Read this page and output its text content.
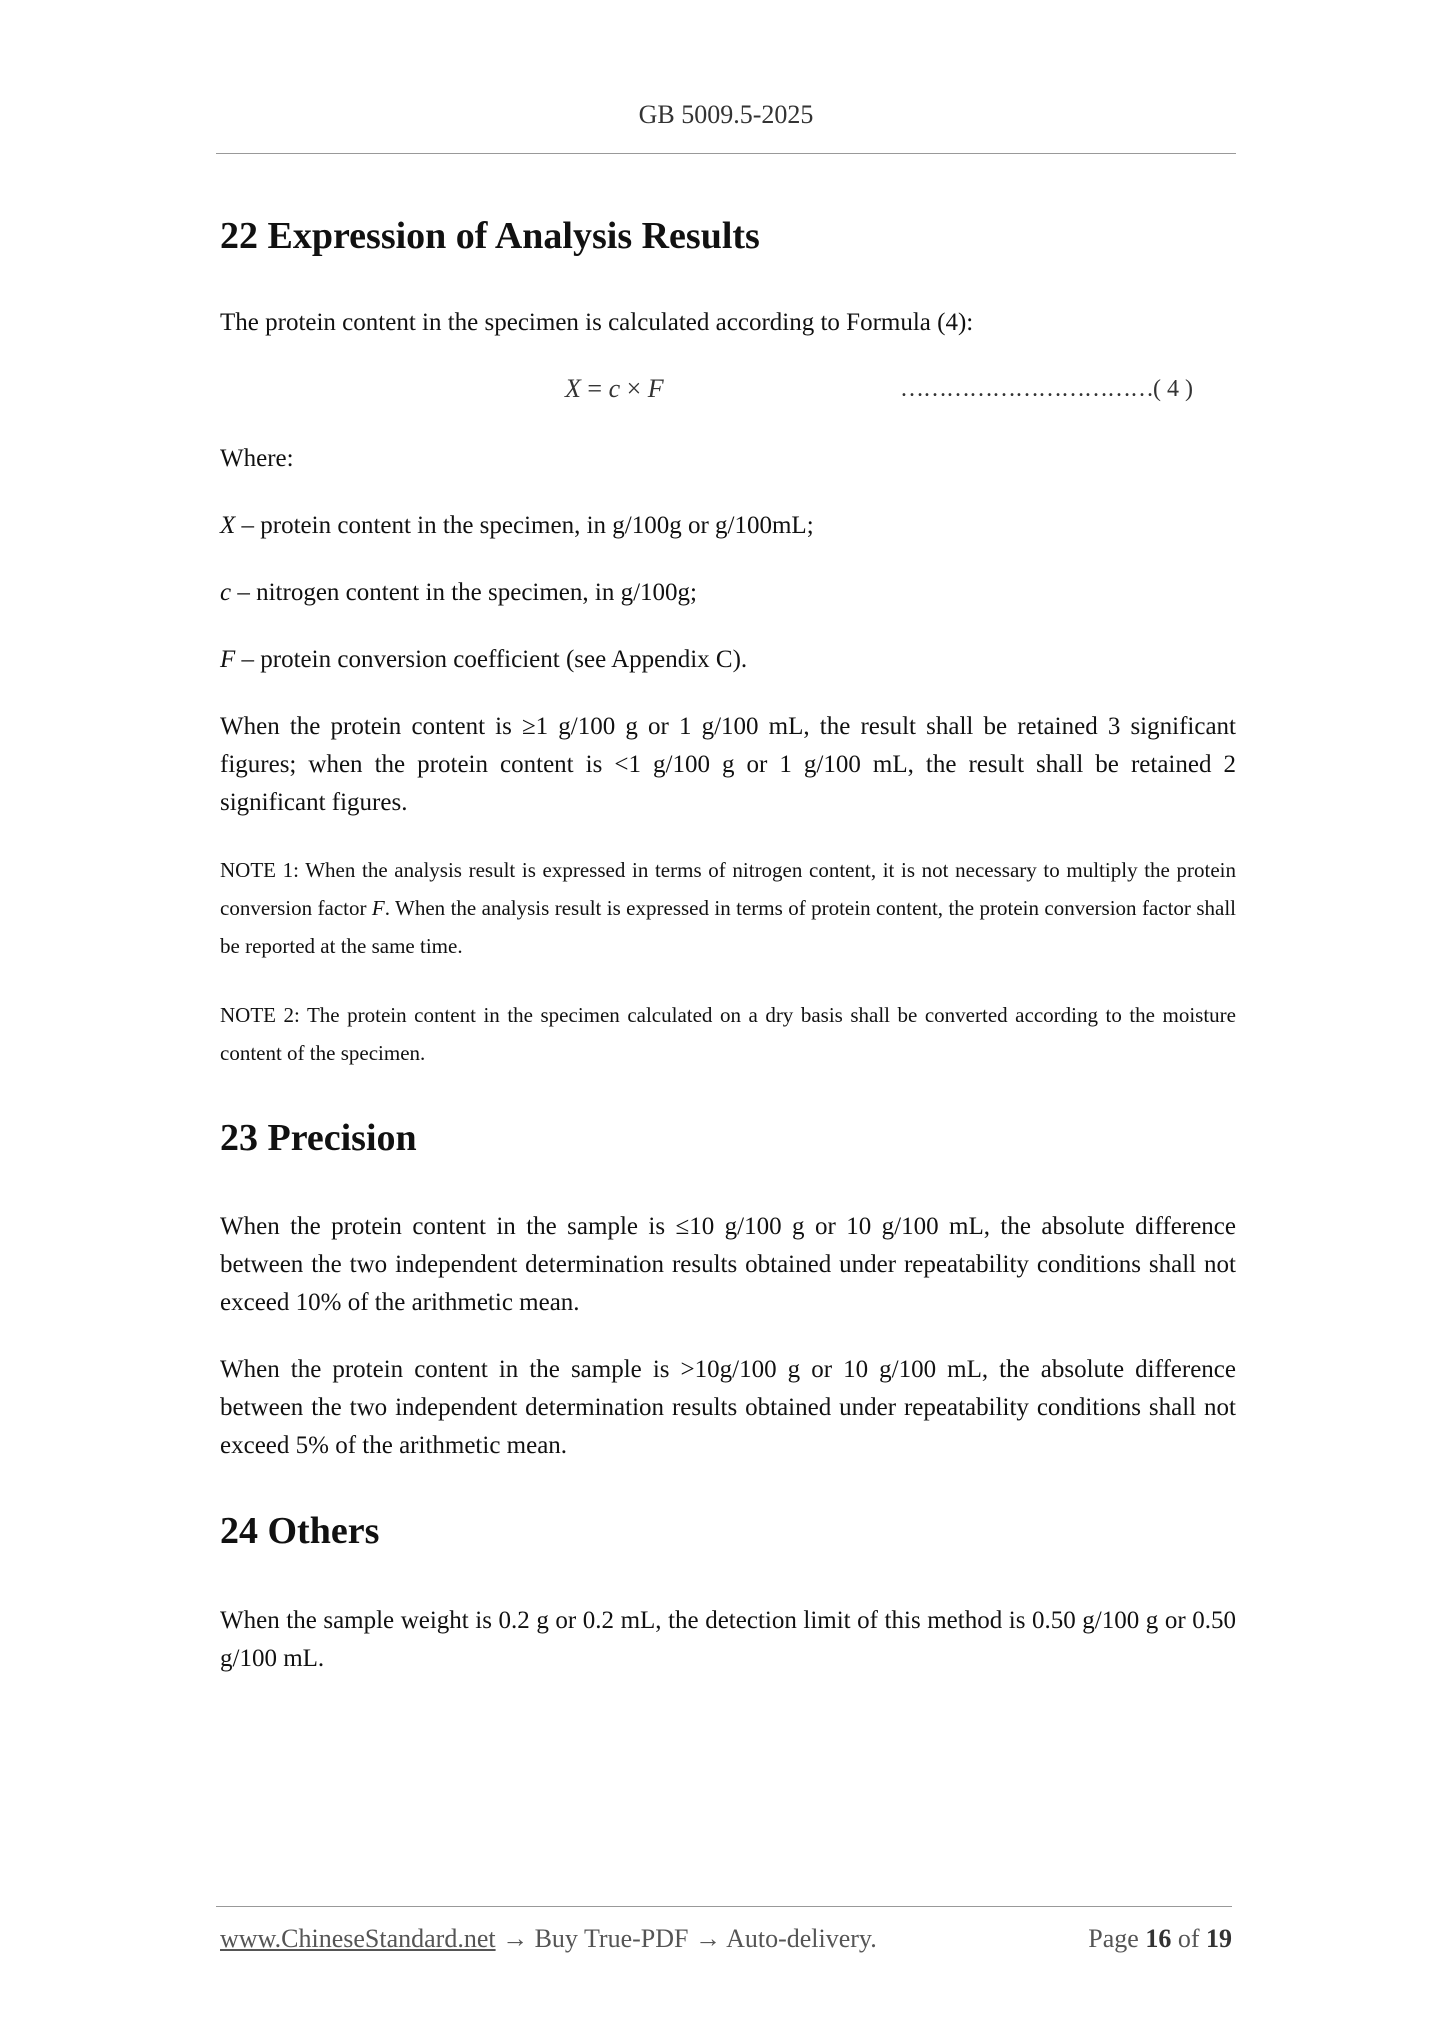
GB 5009.5-2025
22 Expression of Analysis Results

The protein content in the specimen is calculated according to Formula (4):

Where:

X – protein content in the specimen, in g/100g or g/100mL;

c – nitrogen content in the specimen, in g/100g;

F – protein conversion coefficient (see Appendix C).

When the protein content is ≥1 g/100 g or 1 g/100 mL, the result shall be retained 3 significant figures; when the protein content is <1 g/100 g or 1 g/100 mL, the result shall be retained 2 significant figures.

NOTE 1: When the analysis result is expressed in terms of nitrogen content, it is not necessary to multiply the protein conversion factor F. When the analysis result is expressed in terms of protein content, the protein conversion factor shall be reported at the same time.

NOTE 2: The protein content in the specimen calculated on a dry basis shall be converted according to the moisture content of the specimen.

23 Precision

When the protein content in the sample is ≤10 g/100 g or 10 g/100 mL, the absolute difference between the two independent determination results obtained under repeatability conditions shall not exceed 10% of the arithmetic mean.

When the protein content in the sample is >10g/100 g or 10 g/100 mL, the absolute difference between the two independent determination results obtained under repeatability conditions shall not exceed 5% of the arithmetic mean.

24 Others

When the sample weight is 0.2 g or 0.2 mL, the detection limit of this method is 0.50 g/100 g or 0.50 g/100 mL.

X = c × F	……………………………( 4 )
www.ChineseStandard.net → Buy True-PDF → Auto-delivery.	Page 16 of 19
